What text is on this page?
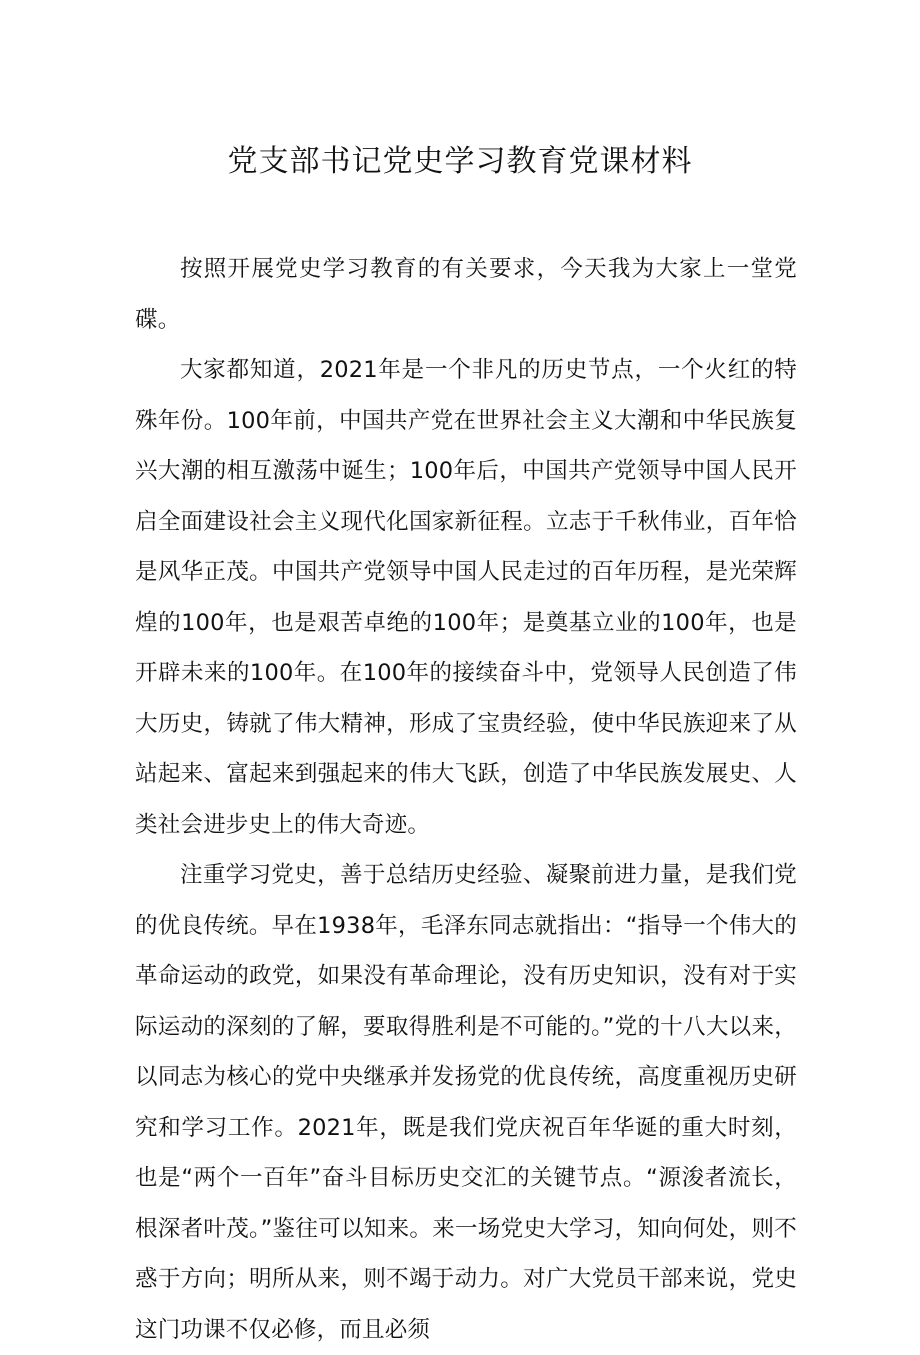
党支部书记党史学习教育党课材料

按照开展党史学习教育的有关要求，今天我为大家上一堂党碟。

大家都知道，2021年是一个非凡的历史节点，一个火红的特殊年份。100年前，中国共产党在世界社会主义大潮和中华民族复兴大潮的相互激荡中诞生；100年后，中国共产党领导中国人民开启全面建设社会主义现代化国家新征程。立志于千秋伟业，百年恰是风华正茂。中国共产党领导中国人民走过的百年历程，是光荣辉煌的100年，也是艰苦卓绝的100年；是奠基立业的100年，也是开辟未来的100年。在100年的接续奋斗中，党领导人民创造了伟大历史，铸就了伟大精神，形成了宝贵经验，使中华民族迎来了从站起来、富起来到强起来的伟大飞跃，创造了中华民族发展史、人类社会进步史上的伟大奇迹。

注重学习党史，善于总结历史经验、凝聚前进力量，是我们党的优良传统。早在1938年，毛泽东同志就指出：“指导一个伟大的革命运动的政党，如果没有革命理论，没有历史知识，没有对于实际运动的深刻的了解，要取得胜利是不可能的。”党的十八大以来，以同志为核心的党中央继承并发扬党的优良传统，高度重视历史研究和学习工作。2021年，既是我们党庆祝百年华诞的重大时刻，也是“两个一百年”奋斗目标历史交汇的关键节点。“源浚者流长，根深者叶茂。”鉴往可以知来。来一场党史大学习，知向何处，则不惑于方向；明所从来，则不竭于动力。对广大党员干部来说，党史这门功课不仅必修，而且必须
